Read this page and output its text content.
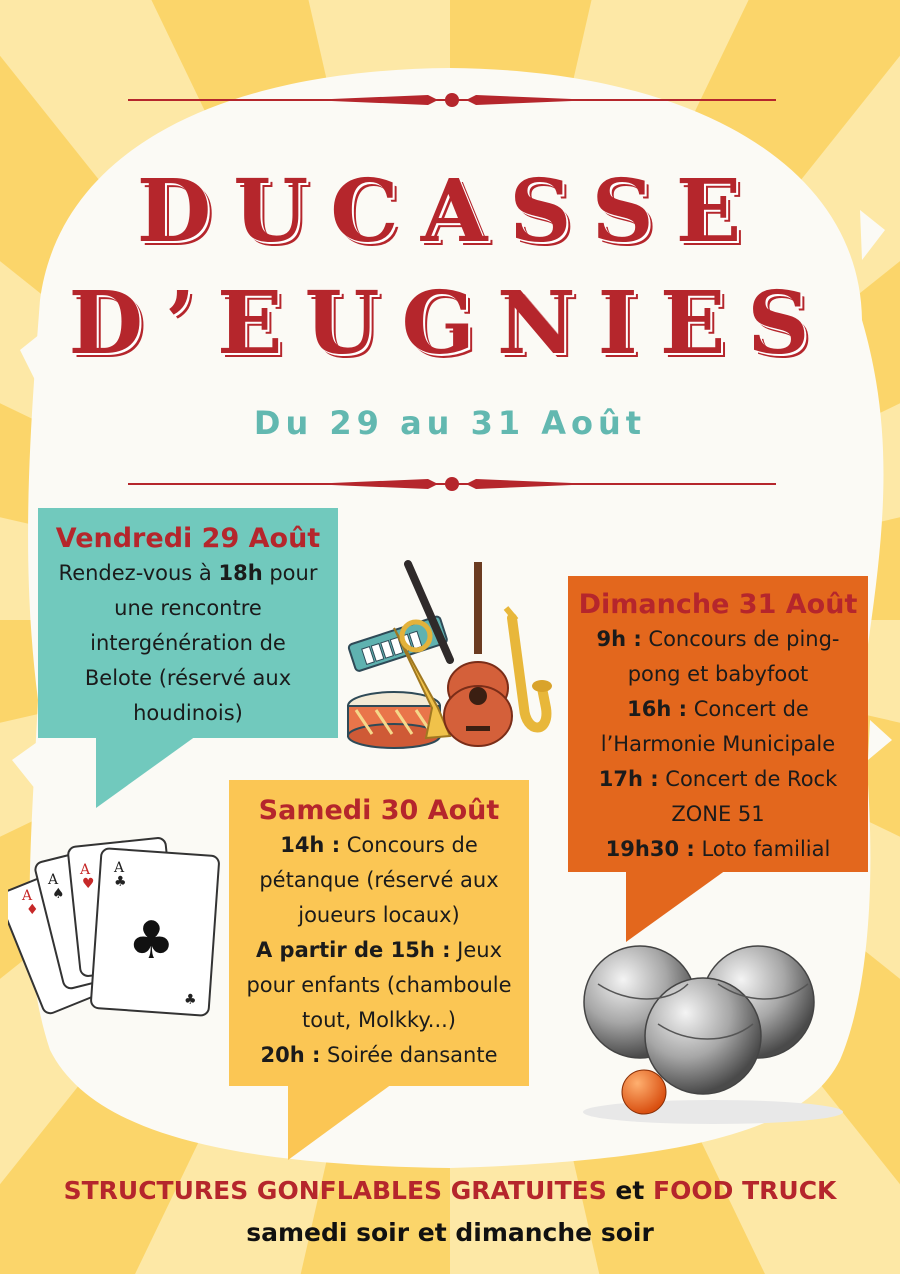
DUCASSE
D’EUGNIES
Du 29 au 31 Août
Vendredi 29 Août

Rendez-vous à 18h pour

une rencontre

intergénération de

Belote (réservé aux

houdinois)

Dimanche 31 Août

9h : Concours de ping-

pong et babyfoot

16h : Concert de

l’Harmonie Municipale

17h : Concert de Rock

ZONE 51

19h30 : Loto familial

Samedi 30 Août

14h : Concours de

pétanque (réservé aux

joueurs locaux)

A partir de 15h : Jeux

pour enfants (chamboule

tout, Molkky...)

20h : Soirée dansante

A
A
A A
♦
♠
♥ ♣
♣
♣
STRUCTURES GONFLABLES GRATUITES et FOOD TRUCK
samedi soir et dimanche soir
